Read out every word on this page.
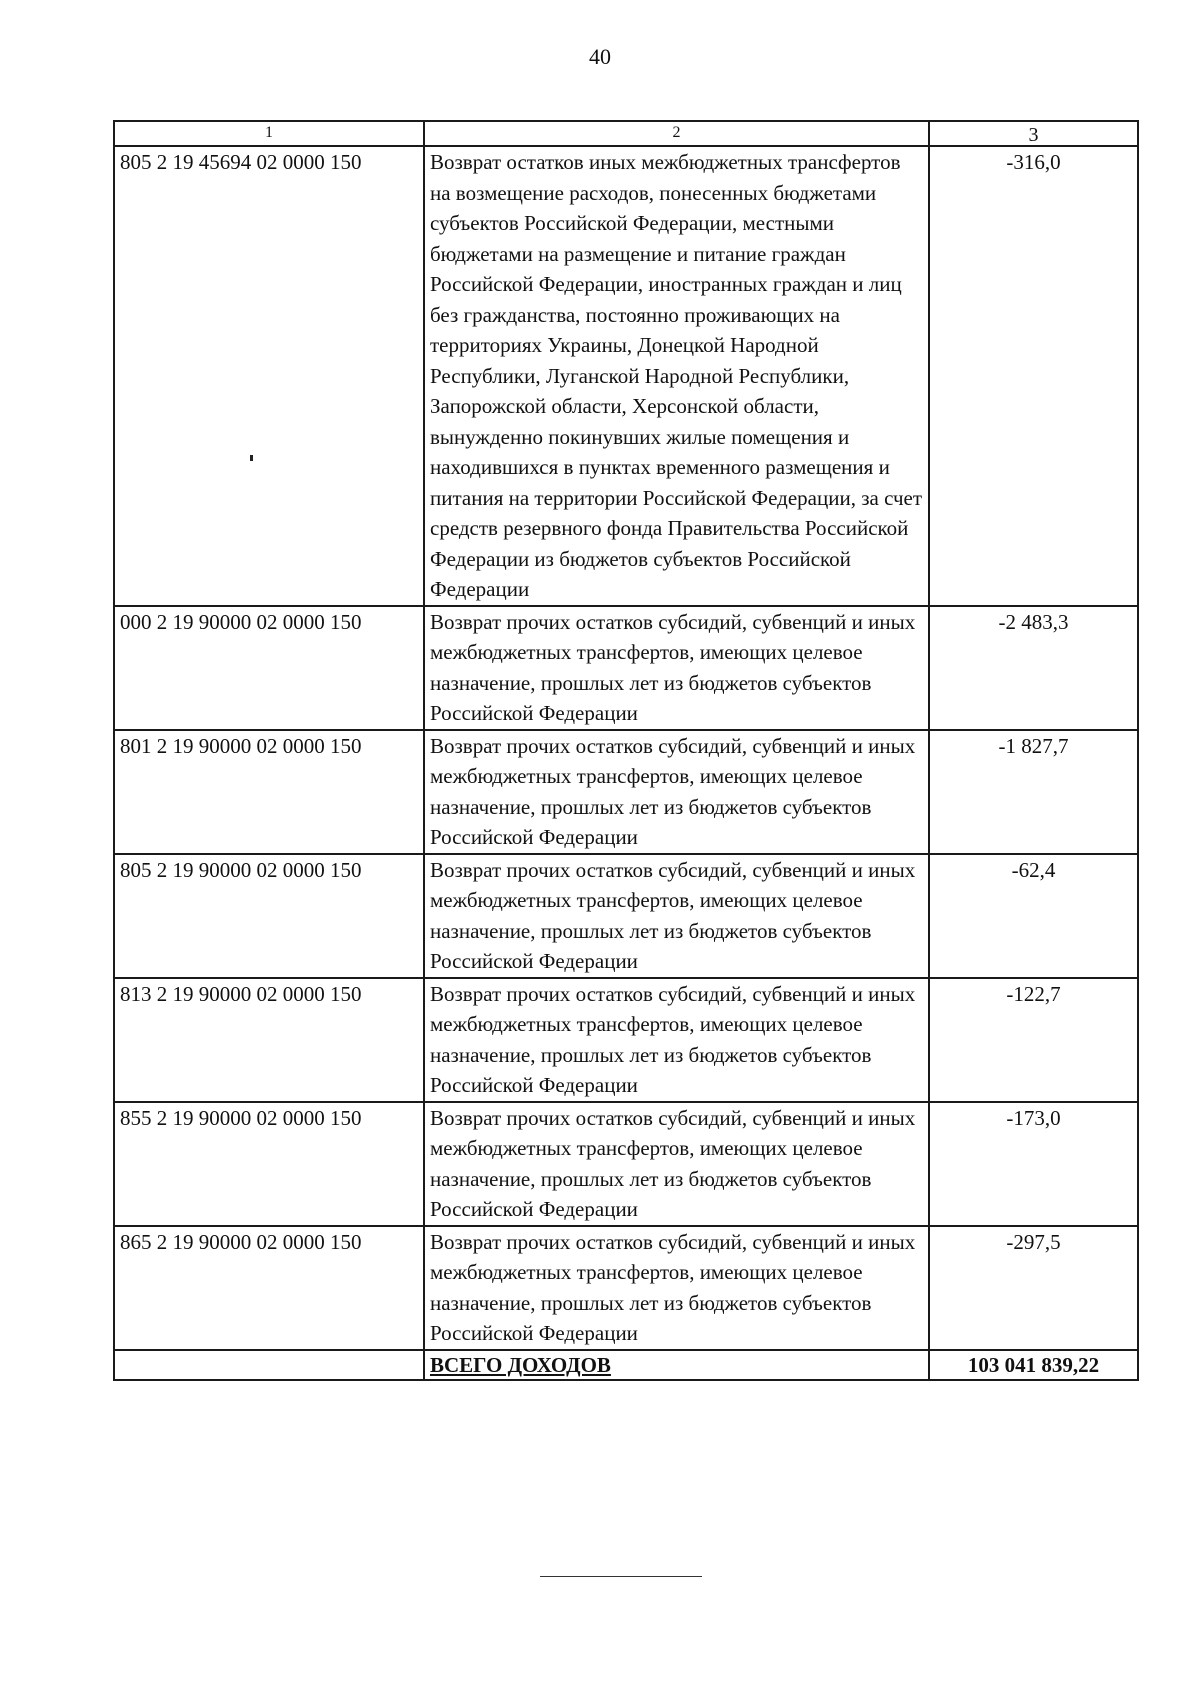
40
1	2	3
805 2 19 45694 02 0000 150	Возврат остатков иных межбюджетных трансфертов на возмещение расходов, понесенных бюджетами субъектов Российской Федерации, местными бюджетами на размещение и питание граждан Российской Федерации, иностранных граждан и лиц без гражданства, постоянно проживающих на территориях Украины, Донецкой Народной Республики, Луганской Народной Республики, Запорожской области, Херсонской области, вынужденно покинувших жилые помещения и находившихся в пунктах временного размещения и питания на территории Российской Федерации, за счет средств резервного фонда Правительства Российской Федерации из бюджетов субъектов Российской Федерации	-316,0
000 2 19 90000 02 0000 150	Возврат прочих остатков субсидий, субвенций и иных межбюджетных трансфертов, имеющих целевое назначение, прошлых лет из бюджетов субъектов Российской Федерации	-2 483,3
801 2 19 90000 02 0000 150	Возврат прочих остатков субсидий, субвенций и иных межбюджетных трансфертов, имеющих целевое назначение, прошлых лет из бюджетов субъектов Российской Федерации	-1 827,7
805 2 19 90000 02 0000 150	Возврат прочих остатков субсидий, субвенций и иных межбюджетных трансфертов, имеющих целевое назначение, прошлых лет из бюджетов субъектов Российской Федерации	-62,4
813 2 19 90000 02 0000 150	Возврат прочих остатков субсидий, субвенций и иных межбюджетных трансфертов, имеющих целевое назначение, прошлых лет из бюджетов субъектов Российской Федерации	-122,7
855 2 19 90000 02 0000 150	Возврат прочих остатков субсидий, субвенций и иных межбюджетных трансфертов, имеющих целевое назначение, прошлых лет из бюджетов субъектов Российской Федерации	-173,0
865 2 19 90000 02 0000 150	Возврат прочих остатков субсидий, субвенций и иных межбюджетных трансфертов, имеющих целевое назначение, прошлых лет из бюджетов субъектов Российской Федерации	-297,5
	ВСЕГО ДОХОДОВ	103 041 839,22
